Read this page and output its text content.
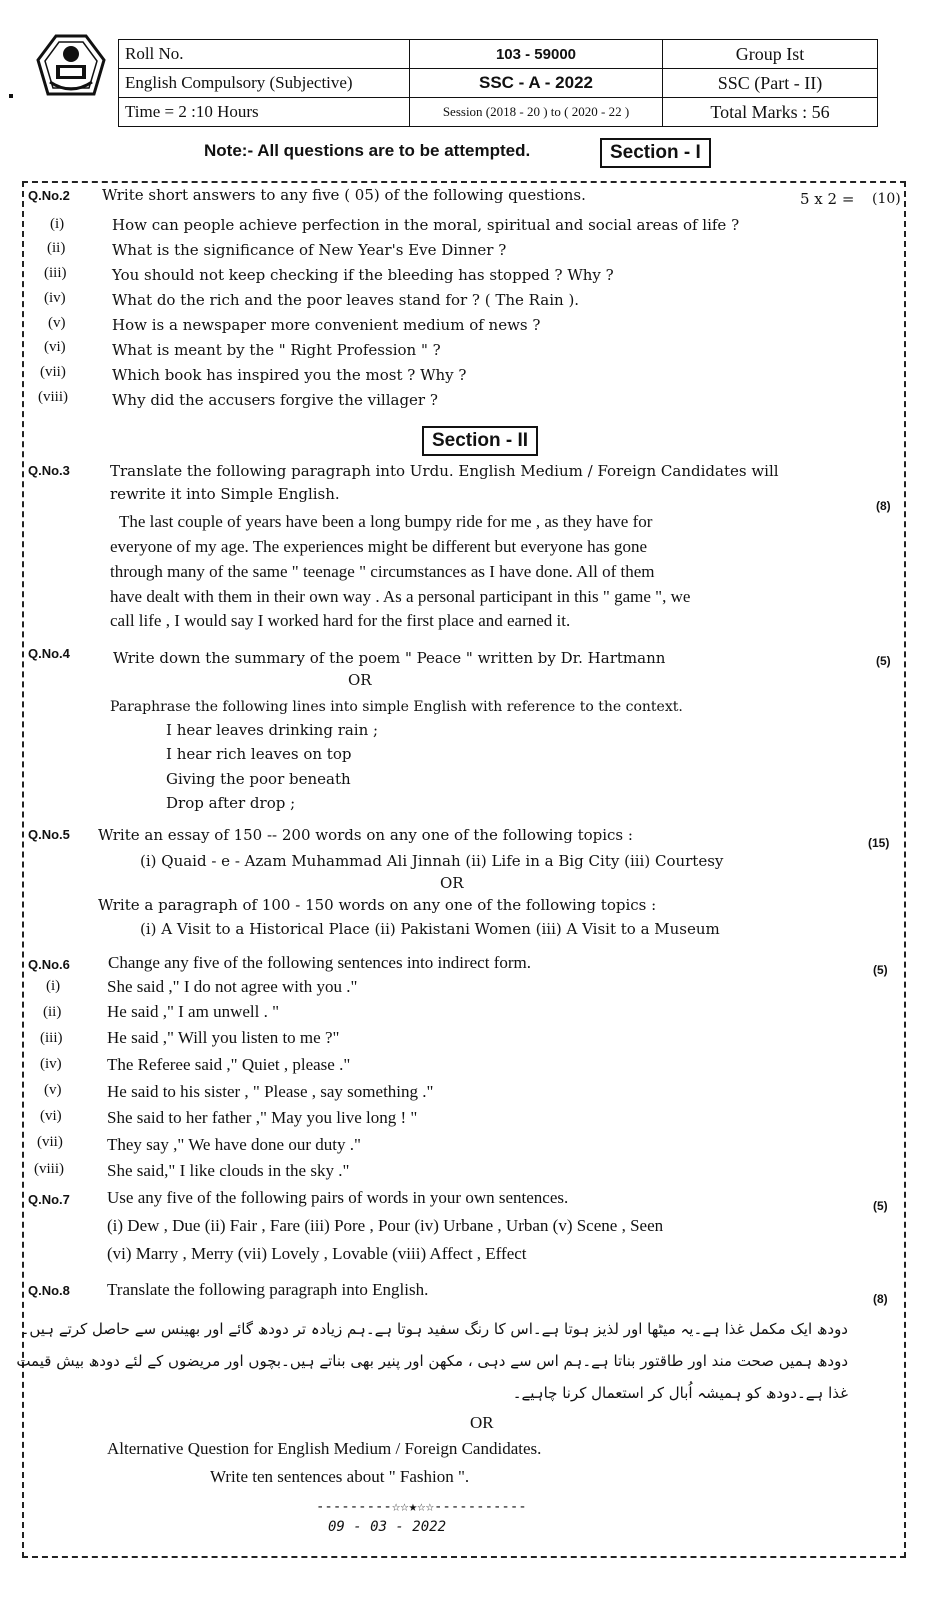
Roll No.	103 - 59000	Group Ist
English Compulsory (Subjective)	SSC - A - 2022	SSC (Part - II)
Time = 2 :10 Hours	Session (2018 - 20 ) to ( 2020 - 22 )	Total Marks : 56
Note:- All questions are to be attempted.	Section - I
Q.No.2 Write short answers to any five ( 05) of the following questions.	5 x 2 = (10)
(i)	How can people achieve perfection in the moral, spiritual and social areas of life ?
(ii)	What is the significance of New Year's Eve Dinner ?
(iii)	You should not keep checking if the bleeding has stopped ? Why ?
(iv)	What do the rich and the poor leaves stand for ? ( The Rain ).
(v)	How is a newspaper more convenient medium of news ?
(vi)	What is meant by the " Right Profession " ?
(vii)	Which book has inspired you the most ? Why ?
(viii)	Why did the accusers forgive the villager ?
Section - II
Q.No.3	Translate the following paragraph into Urdu. English Medium / Foreign Candidates will
rewrite it into Simple English.
(8)
The last couple of years have been a long bumpy ride for me , as they have for
everyone of my age. The experiences might be different but everyone has gone
through many of the same " teenage " circumstances as I have done. All of them
have dealt with them in their own way . As a personal participant in this " game ", we
call life , I would say I worked hard for the first place and earned it.
Q.No.4	Write down the summary of the poem " Peace " written by Dr. Hartmann	(5)
OR
Paraphrase the following lines into simple English with reference to the context.
I hear leaves drinking rain ;
I hear rich leaves on top
Giving the poor beneath
Drop after drop ;
Q.No.5 Write an essay of 150 -- 200 words on any one of the following topics :	(15)
(i) Quaid - e - Azam Muhammad Ali Jinnah (ii) Life in a Big City (iii) Courtesy
OR
Write a paragraph of 100 - 150 words on any one of the following topics :
(i) A Visit to a Historical Place (ii) Pakistani Women (iii) A Visit to a Museum
Q.No.6 Change any five of the following sentences into indirect form.	(5)
(i)	She said ," I do not agree with you ."
(ii)	He said ," I am unwell . "
(iii)	He said ," Will you listen to me ?"
(iv)	The Referee said ," Quiet , please ."
(v)	He said to his sister , " Please , say something ."
(vi)	She said to her father ," May you live long ! "
(vii)	They say ," We have done our duty ."
(viii)	She said," I like clouds in the sky ."
Q.No.7 Use any five of the following pairs of words in your own sentences.	(5)
(i) Dew , Due (ii) Fair , Fare (iii) Pore , Pour (iv) Urbane , Urban (v) Scene , Seen
(vi) Marry , Merry (vii) Lovely , Lovable (viii) Affect , Effect
Q.No.8 Translate the following paragraph into English.	(8)
دودھ ایک مکمل غذا ہے۔یہ میٹھا اور لذیز ہوتا ہے۔اس کا رنگ سفید ہوتا ہے۔ہم زیادہ تر دودھ گائے اور بھینس سے حاصل کرتے ہیں۔
دودھ ہمیں صحت مند اور طاقتور بناتا ہے۔ہم اس سے دہی ، مکھن اور پنیر بھی بناتے ہیں۔بچوں اور مریضوں کے لئے دودھ بیش قیمت
غذا ہے۔دودھ کو ہمیشہ اُبال کر استعمال کرنا چاہیے۔
OR
Alternative Question for English Medium / Foreign Candidates.
Write ten sentences about " Fashion ".
---------☆☆★☆☆-----------
09 - 03 - 2022
